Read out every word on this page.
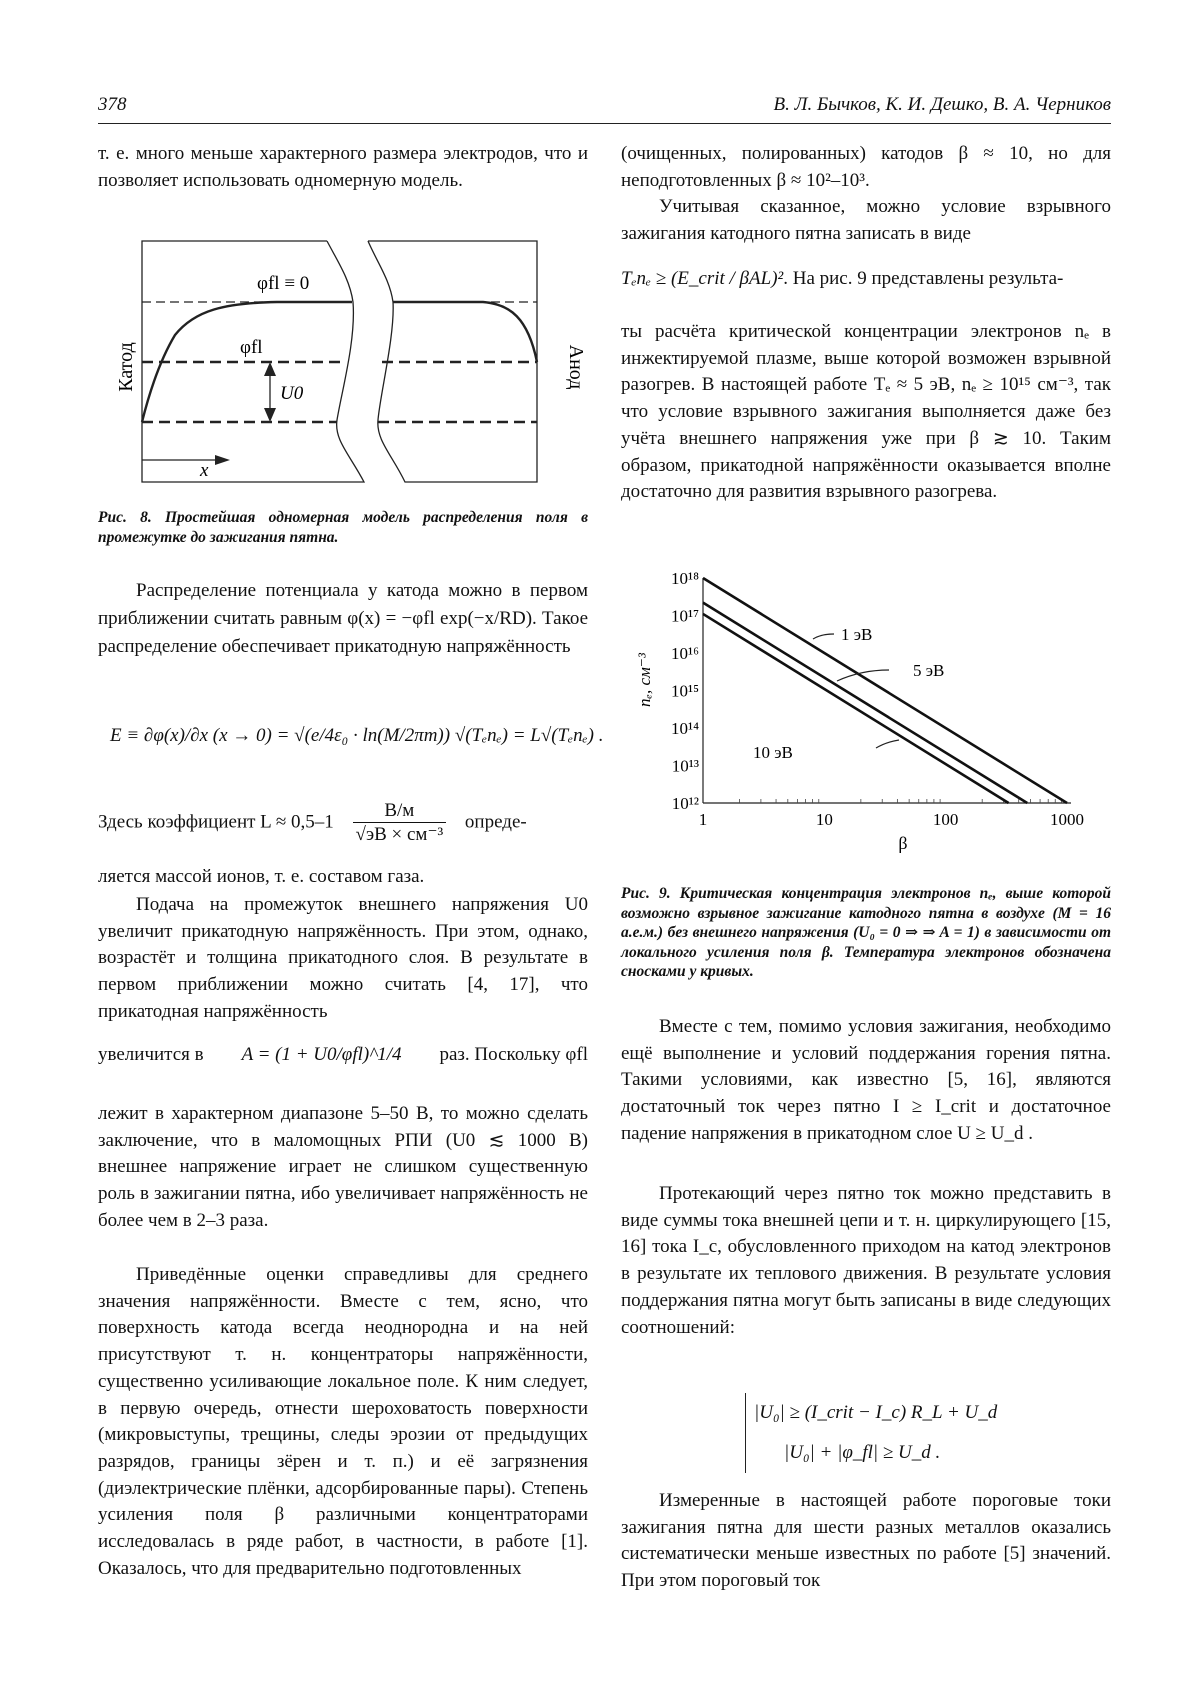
378	В. Л. Бычков, К. И. Дешко, В. А. Черников
т. е. много меньше характерного размера электродов, что и позволяет использовать одномерную модель.
φfl ≡ 0
φfl
U0
x
Катод	Анод
Рис. 8. Простейшая одномерная модель распределения поля в промежутке до зажигания пятна.
Распределение потенциала у катода можно в первом приближении считать равным φ(x) = −φfl exp(−x/RD). Такое распределение обеспечивает прикатодную напряжённость
E ≡ ∂φ(x)/∂x (x → 0) = √(e/4ε₀ · ln(M/2πm)) √(Tₑnₑ) = L√(Tₑnₑ) .
Здесь коэффициент L ≈ 0,5–1
В/м
√эВ × см⁻³
опреде-
ляется массой ионов, т. е. составом газа.
Подача на промежуток внешнего напряжения U0 увеличит прикатодную напряжённость. При этом, однако, возрастёт и толщина прикатодного слоя. В результате в первом приближении можно считать [4, 17], что прикатодная напряжённость
увеличится в A = (1 + U0/φfl)^1/4 раз. Поскольку φfl
лежит в характерном диапазоне 5–50 В, то можно сделать заключение, что в маломощных РПИ (U0 ≲ 1000 В) внешнее напряжение играет не слишком существенную роль в зажигании пятна, ибо увеличивает напряжённость не более чем в 2–3 раза.
Приведённые оценки справедливы для среднего значения напряжённости. Вместе с тем, ясно, что поверхность катода всегда неоднородна и на ней присутствуют т. н. концентраторы напряжённости, существенно усиливающие локальное поле. К ним следует, в первую очередь, отнести шероховатость поверхности (микровыступы, трещины, следы эрозии от предыдущих разрядов, границы зёрен и т. п.) и её загрязнения (диэлектрические плёнки, адсорбированные пары). Степень усиления поля β различными концентраторами исследовалась в ряде работ, в частности, в работе [1]. Оказалось, что для предварительно подготовленных
(очищенных, полированных) катодов β ≈ 10, но для неподготовленных β ≈ 10²–10³.
Учитывая сказанное, можно условие взрывного зажигания катодного пятна записать в виде
Tₑnₑ ≥ (E_crit / βAL)². На рис. 9 представлены результа-
ты расчёта критической концентрации электронов nₑ в инжектируемой плазме, выше которой возможен взрывной разогрев. В настоящей работе Tₑ ≈ 5 эВ, nₑ ≥ 10¹⁵ см⁻³, так что условие взрывного зажигания выполняется даже без учёта внешнего напряжения уже при β ≳ 10. Таким образом, прикатодной напряжённости оказывается вполне достаточно для развития взрывного разогрева.
1	10	100	1000
10¹²
10¹³
10¹⁴
10¹⁵
10¹⁶
10¹⁷
10¹⁸
1 эВ
5 эВ
10 эВ
nₑ, см⁻³
β
Рис. 9. Критическая концентрация электронов nₑ, выше которой возможно взрывное зажигание катодного пятна в воздухе (M = 16 а.е.м.) без внешнего напряжения (U₀ = 0 ⇒ ⇒ A = 1) в зависимости от локального усиления поля β. Температура электронов обозначена сносками у кривых.
Вместе с тем, помимо условия зажигания, необходимо ещё выполнение и условий поддержания горения пятна. Такими условиями, как известно [5, 16], являются достаточный ток через пятно I ≥ I_crit и достаточное падение напряжения в прикатодном слое U ≥ U_d .
Протекающий через пятно ток можно представить в виде суммы тока внешней цепи и т. н. циркулирующего [15, 16] тока I_c, обусловленного приходом на катод электронов в результате их теплового движения. В результате условия поддержания пятна могут быть записаны в виде следующих соотношений:
|U₀| ≥ (I_crit − I_c) R_L + U_d
|U₀| + |φ_fl| ≥ U_d .
Измеренные в настоящей работе пороговые токи зажигания пятна для шести разных металлов оказались систематически меньше известных по работе [5] значений. При этом пороговый ток
